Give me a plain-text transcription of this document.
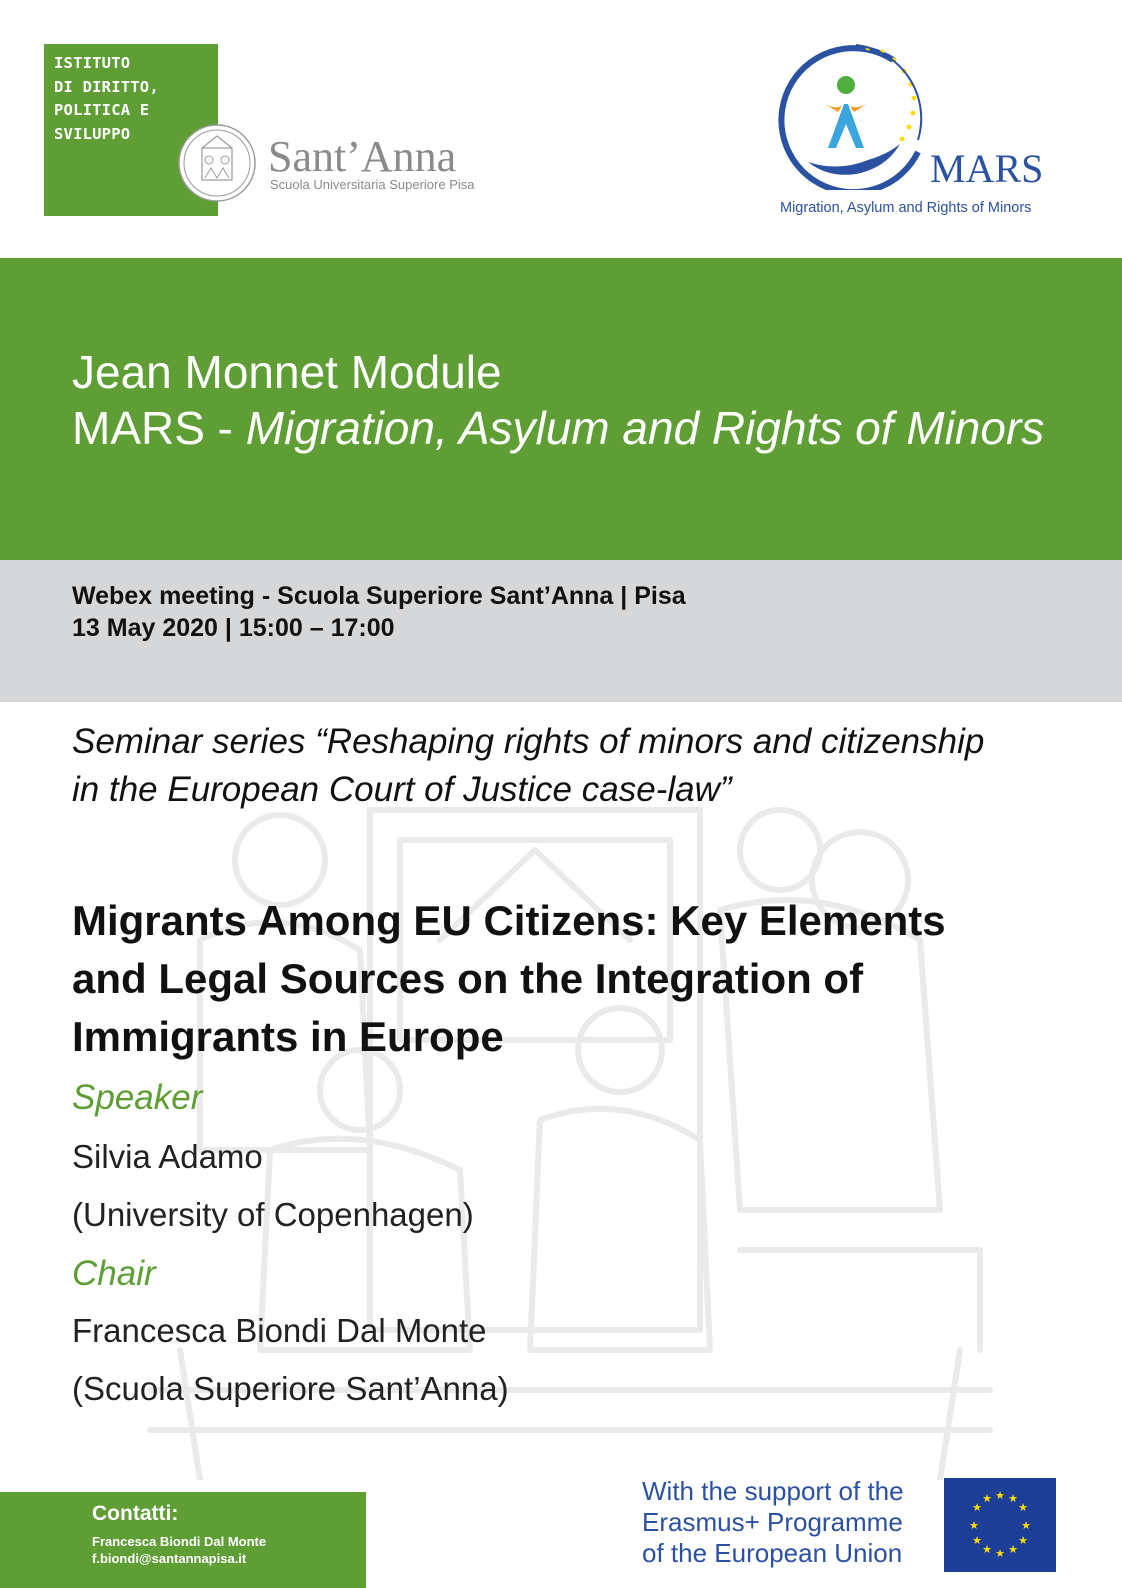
ISTITUTO
DI DIRITTO,
POLITICA E
SVILUPPO	Sant’Anna
Scuola Universitaria Superiore Pisa	MARS
Migration, Asylum and Rights of Minors
Jean Monnet Module
MARS - Migration, Asylum and Rights of Minors
Webex meeting - Scuola Superiore Sant’Anna | Pisa
13 May 2020 | 15:00 – 17:00
Seminar series “Reshaping rights of minors and citizenship
in the European Court of Justice case-law”
Migrants Among EU Citizens: Key Elements
and Legal Sources on the Integration of
Immigrants in Europe
Speaker
Silvia Adamo
(University of Copenhagen)
Chair
Francesca Biondi Dal Monte
(Scuola Superiore Sant’Anna)
Contatti:
Francesca Biondi Dal Monte
f.biondi@santannapisa.it
With the support of the
Erasmus+ Programme
of the European Union
★ ★
★
★
★
★
★
★
★
★
★
★
